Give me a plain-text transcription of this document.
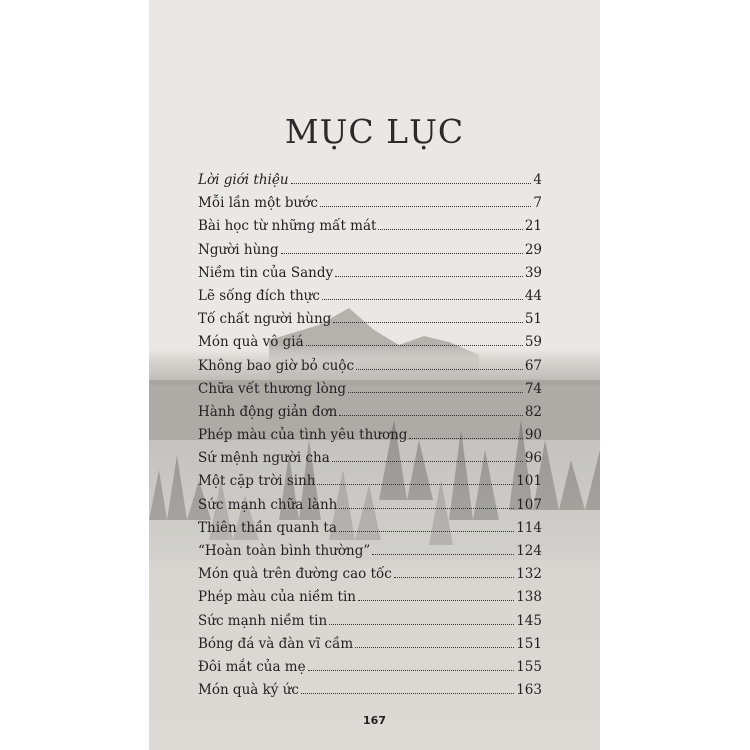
MỤC LỤC
Lời giới thiệu	4
Mỗi lần một bước	7
Bài học từ những mất mát	21
Người hùng	29
Niềm tin của Sandy	39
Lẽ sống đích thực	44
Tố chất người hùng	51
Món quà vô giá	59
Không bao giờ bỏ cuộc	67
Chữa vết thương lòng	74
Hành động giản đơn	82
Phép màu của tình yêu thương	90
Sứ mệnh người cha	96
Một cặp trời sinh	101
Sức mạnh chữa lành	107
Thiên thần quanh ta	114
“Hoàn toàn bình thường”	124
Món quà trên đường cao tốc	132
Phép màu của niềm tin	138
Sức mạnh niềm tin	145
Bóng đá và đàn vĩ cầm	151
Đôi mắt của mẹ	155
Món quà ký ức	163
167
